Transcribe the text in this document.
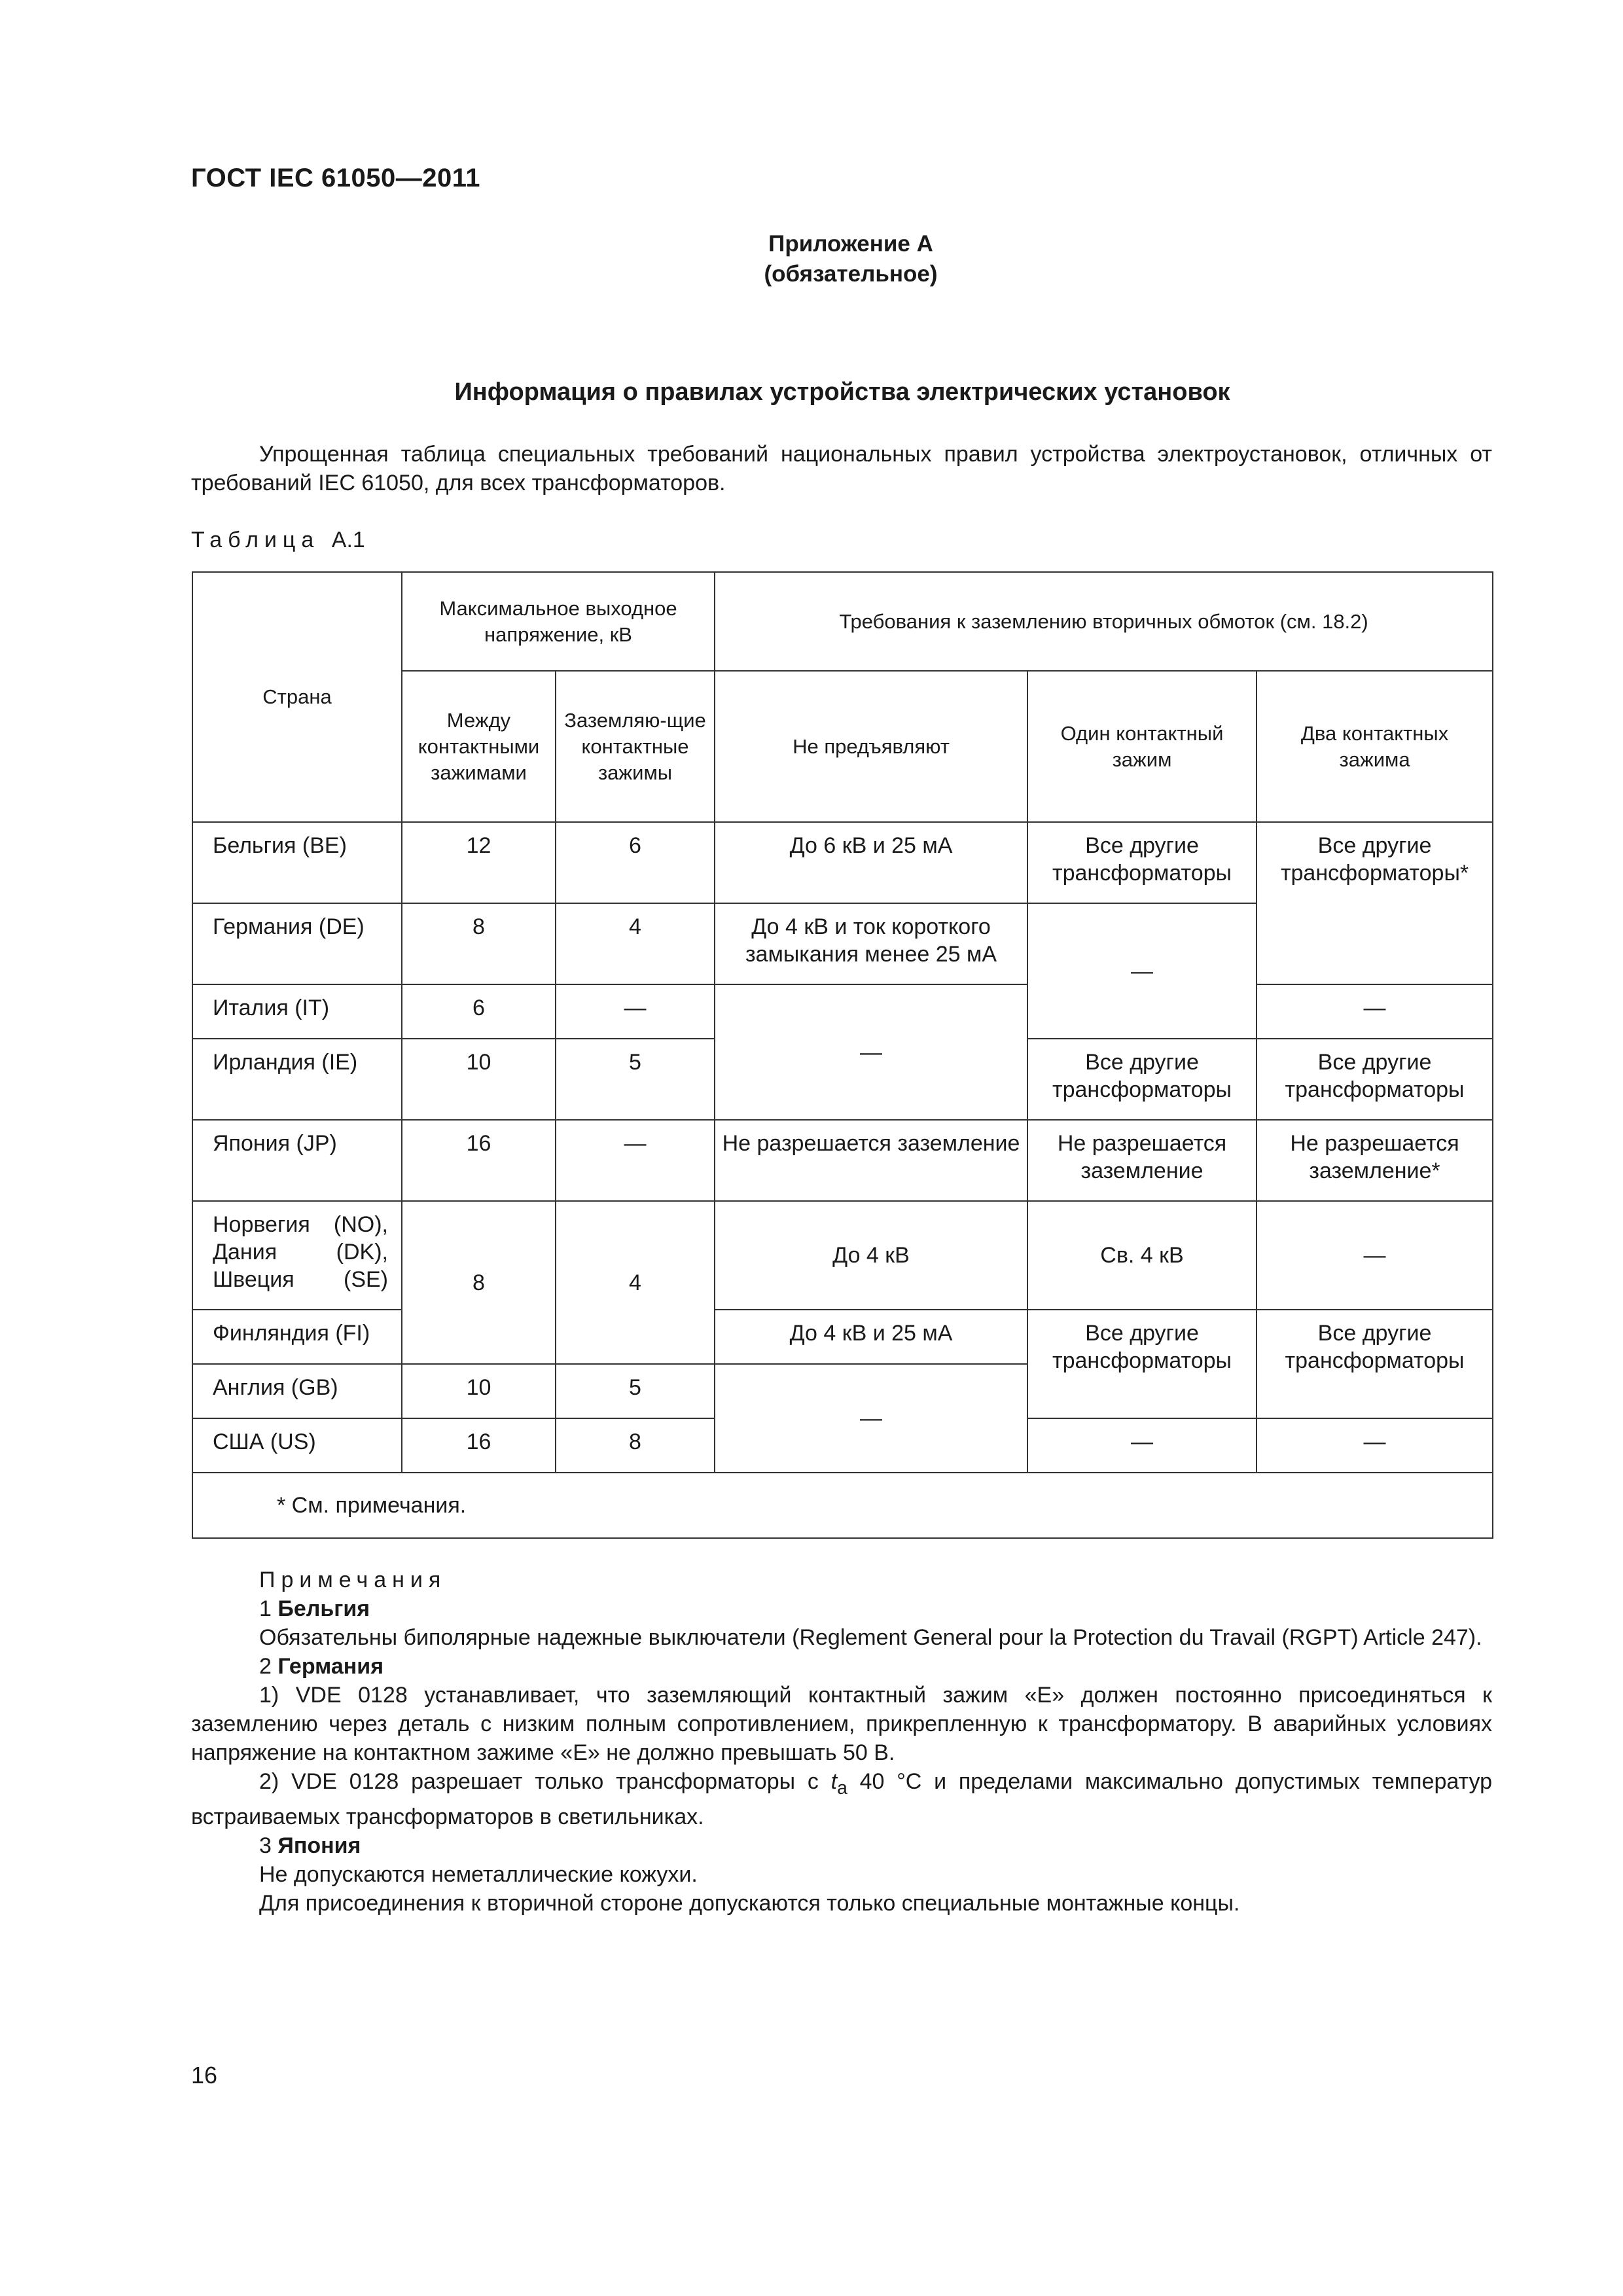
ГОСТ IEC 61050—2011
Приложение А
(обязательное)
Информация о правилах устройства электрических установок

Упрощенная таблица специальных требований национальных правил устройства электроустановок, отличных от требований IEC 61050, для всех трансформаторов.

Таблица А.1
Страна	Максимальное выходное напряжение, кВ		Требования к заземлению вторичных обмоток (см. 18.2)		
	Между контактными зажимами	Заземляю-щие контактные зажимы	Не предъявляют	Один контактный зажим	Два контактных зажима
Бельгия (BE)	12	6	До 6 кВ и 25 мА	Все другие трансформаторы	Все другие трансформаторы*
Германия (DE)	8	4	До 4 кВ и ток короткого замыкания менее 25 мА	—	
Италия (IT)	6	—	—		—
Ирландия (IE)	10	5		Все другие трансформаторы	Все другие трансформаторы
Япония (JP)	16	—	Не разрешается заземление	Не разрешается заземление	Не разрешается заземление*
Норвегия (NO), Дания (DK), Швеция (SE)	8	4	До 4 кВ	Св. 4 кВ	—
Финляндия (FI)			До 4 кВ и 25 мА	Все другие трансформаторы	Все другие трансформаторы
Англия (GB)	10	5	—		
США (US)	16	8		—	—
* См. примечания.					

Примечания

1 Бельгия

Обязательны биполярные надежные выключатели (Reglement General pour la Protection du Travail (RGPT) Article 247).

2 Германия

1) VDE 0128 устанавливает, что заземляющий контактный зажим «E» должен постоянно присоединяться к заземлению через деталь с низким полным сопротивлением, прикрепленную к трансформатору. В аварийных условиях напряжение на контактном зажиме «E» не должно превышать 50 В.

2) VDE 0128 разрешает только трансформаторы с $t_a$ 40 °C и пределами максимально допустимых температур встраиваемых трансформаторов в светильниках.

3 Япония

Не допускаются неметаллические кожухи.

Для присоединения к вторичной стороне допускаются только специальные монтажные концы.

16
